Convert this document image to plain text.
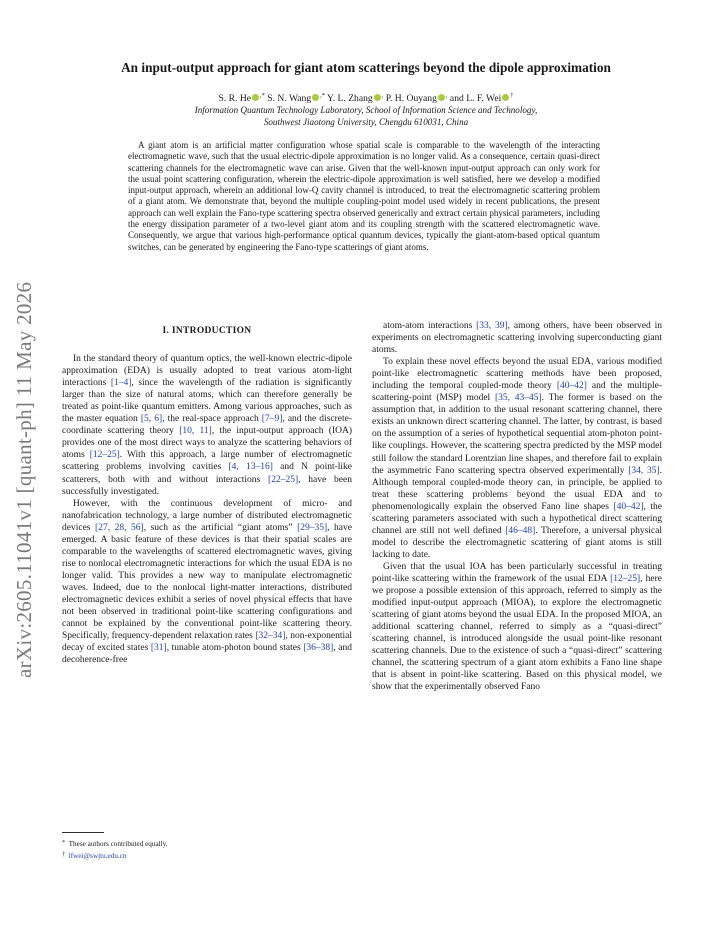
arXiv:2605.11041v1 [quant-ph] 11 May 2026
An input-output approach for giant atom scatterings beyond the dipole approximation
S. R. He ,* S. N. Wang ,* Y. L. Zhang , P. H. Ouyang , and L. F. Wei †
Information Quantum Technology Laboratory, School of Information Science and Technology,
Southwest Jiaotong University, Chengdu 610031, China

A giant atom is an artificial matter configuration whose spatial scale is comparable to the wavelength of the interacting electromagnetic wave, such that the usual electric-dipole approximation is no longer valid. As a consequence, certain quasi-direct scattering channels for the electromagnetic wave can arise. Given that the well-known input-output approach can only work for the usual point scattering configuration, wherein the electric-dipole approximation is well satisfied, here we develop a modified input-output approach, wherein an additional low-Q cavity channel is introduced, to treat the electromagnetic scattering problem of a giant atom. We demonstrate that, beyond the multiple coupling-point model used widely in recent publications, the present approach can well explain the Fano-type scattering spectra observed generically and extract certain physical parameters, including the energy dissipation parameter of a two-level giant atom and its coupling strength with the scattered electromagnetic wave. Consequently, we argue that various high-performance optical quantum devices, typically the giant-atom-based optical quantum switches, can be generated by engineering the Fano-type scatterings of giant atoms.

I. INTRODUCTION

In the standard theory of quantum optics, the well-known electric-dipole approximation (EDA) is usually adopted to treat various atom-light interactions [1–4], since the wavelength of the radiation is significantly larger than the size of natural atoms, which can therefore generally be treated as point-like quantum emitters. Among various approaches, such as the master equation [5, 6], the real-space approach [7–9], and the discrete-coordinate scattering theory [10, 11], the input-output approach (IOA) provides one of the most direct ways to analyze the scattering behaviors of atoms [12–25]. With this approach, a large number of electromagnetic scattering problems involving cavities [4, 13–16] and N point-like scatterers, both with and without interactions [22–25], have been successfully investigated.

However, with the continuous development of micro- and nanofabrication technology, a large number of distributed electromagnetic devices [27, 28, 56], such as the artificial “giant atoms” [29–35], have emerged. A basic feature of these devices is that their spatial scales are comparable to the wavelengths of scattered electromagnetic waves, giving rise to nonlocal electromagnetic interactions for which the usual EDA is no longer valid. This provides a new way to manipulate electromagnetic waves. Indeed, due to the nonlocal light-matter interactions, distributed electromagnetic devices exhibit a series of novel physical effects that have not been observed in traditional point-like scattering configurations and cannot be explained by the conventional point-like scattering theory. Specifically, frequency-dependent relaxation rates [32–34], non-exponential decay of excited states [31], tunable atom-photon bound states [36–38], and decoherence-free

atom-atom interactions [33, 39], among others, have been observed in experiments on electromagnetic scattering involving superconducting giant atoms.

To explain these novel effects beyond the usual EDA, various modified point-like electromagnetic scattering methods have been proposed, including the temporal coupled-mode theory [40–42] and the multiple-scattering-point (MSP) model [35, 43–45]. The former is based on the assumption that, in addition to the usual resonant scattering channel, there exists an unknown direct scattering channel. The latter, by contrast, is based on the assumption of a series of hypothetical sequential atom-photon point-like couplings. However, the scattering spectra predicted by the MSP model still follow the standard Lorentzian line shapes, and therefore fail to explain the asymmetric Fano scattering spectra observed experimentally [34, 35]. Although temporal coupled-mode theory can, in principle, be applied to treat these scattering problems beyond the usual EDA and to phenomenologically explain the observed Fano line shapes [40–42], the scattering parameters associated with such a hypothetical direct scattering channel are still not well defined [46–48]. Therefore, a universal physical model to describe the electromagnetic scattering of giant atoms is still lacking to date.

Given that the usual IOA has been particularly successful in treating point-like scattering within the framework of the usual EDA [12–25], here we propose a possible extension of this approach, referred to simply as the modified input-output approach (MIOA), to explore the electromagnetic scattering of giant atoms beyond the usual EDA. In the proposed MIOA, an additional scattering channel, referred to simply as a “quasi-direct” scattering channel, is introduced alongside the usual point-like resonant scattering channels. Due to the existence of such a “quasi-direct” scattering channel, the scattering spectrum of a giant atom exhibits a Fano line shape that is absent in point-like scattering. Based on this physical model, we show that the experimentally observed Fano

* These authors contributed equally.
† lfwei@swjtu.edu.cn
